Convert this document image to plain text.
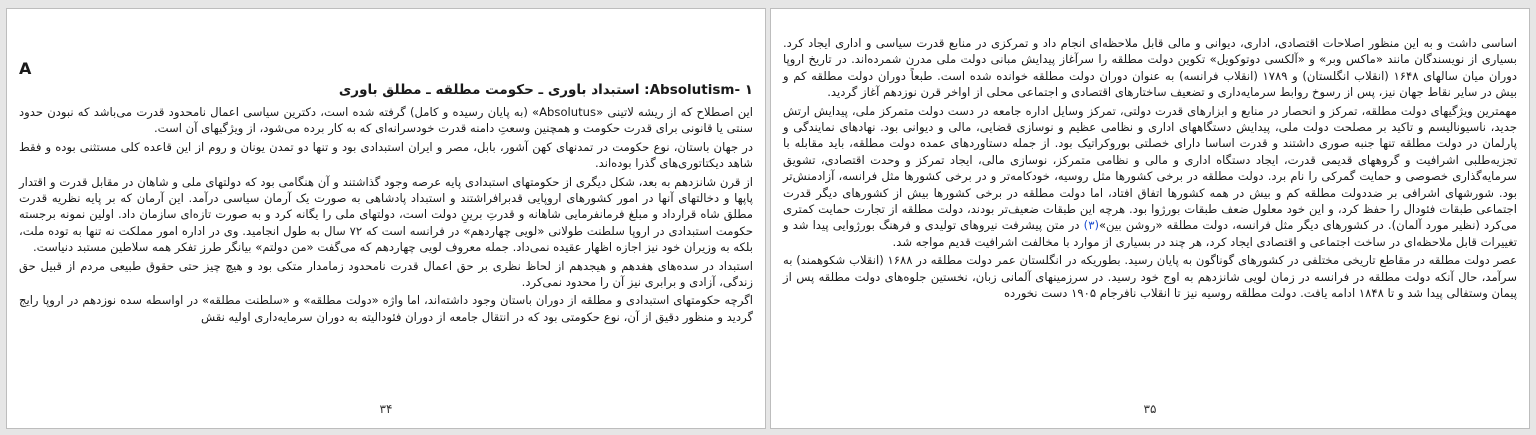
A
۱ -Absolutism: استبداد باوری ـ حکومت مطلقه ـ مطلق باوری

این اصطلاح که از ریشه لاتینی «Absolutus» (به پایان رسیده و کامل) گرفته شده است، دکترین سیاسی اعمال نامحدود قدرت می‌باشد که نبودن حدود سنتی یا قانونی برای قدرت حکومت و همچنین وسعتِ دامنه قدرت خودسرانه‌ای که به کار برده می‌شود، از ویژگیهای آن است.

در جهان باستان، نوع حکومت در تمدنهای کهن آشور، بابل، مصر و ایران استبدادی بود و تنها دو تمدن یونان و روم از این قاعده کلی مستثنی بوده و فقط شاهد دیکتاتوری‌های گذرا بوده‌اند.

از قرن شانزدهم به بعد، شکل دیگری از حکومتهای استبدادی پایه عرصه وجود گذاشتند و آن هنگامی بود که دولتهای ملی و شاهان در مقابل قدرت و اقتدار پاپها و دخالتهای آنها در امور کشورهای اروپایی قدبرافراشتند و استبداد پادشاهی به صورت یک آرمان سیاسی درآمد. این آرمان که بر پایه نظریه قدرت مطلق شاه قرارداد و مبلغ فرمانفرمایی شاهانه و قدرتِ برینِ دولت است، دولتهای ملی را یگانه کرد و به صورت تازه‌ای سازمان داد. اولین نمونه برجسته حکومت استبدادی در اروپا سلطنت طولانی «لویی چهاردهم» در فرانسه است که ۷۲ سال به طول انجامید. وی در اداره امور مملکت نه تنها به توده ملت، بلکه به وزیران خود نیز اجازه اظهار عقیده نمی‌داد. جمله معروف لویی چهاردهم که می‌گفت «من دولتم» بیانگر طرز تفکر همه سلاطین مستبد دنیاست.

استبداد در سده‌های هفدهم و هیجدهم از لحاظ نظری بر حق اعمال قدرت نامحدود زمامدار متکی بود و هیچ چیز حتی حقوق طبیعی مردم از قبیل حق زندگی، آزادی و برابری نیز آن را محدود نمی‌کرد.

اگرچه حکومتهای استبدادی و مطلقه از دوران باستان وجود داشته‌اند، اما واژه «دولت مطلقه» و «سلطنت مطلقه» در اواسطه سده نوزدهم در اروپا رایج گردید و منظور دقیق از آن، نوع حکومتی بود که در انتقال جامعه از دوران فئودالیته به دوران سرمایه‌داری اولیه نقش

۳۴

اساسی داشت و به این منظور اصلاحات اقتصادی، اداری، دیوانی و مالی قابل ملاحظه‌ای انجام داد و تمرکزی در منابع قدرت سیاسی و اداری ایجاد کرد. بسیاری از نویسندگان مانند «ماکس وبر» و «آلکسی دوتوکویل» تکوین دولت مطلقه را سرآغاز پیدایش مبانی دولت ملی مدرن شمرده‌اند. در تاریخ اروپا دوران میان سالهای ۱۶۴۸ (انقلاب انگلستان) و ۱۷۸۹ (انقلاب فرانسه) به عنوان دوران دولت مطلقه خوانده شده است. طبعاً دوران دولت مطلقه کم و بیش در سایر نقاط جهان نیز، پس از رسوخ روابط سرمایه‌داری و تضعیف ساختارهای اقتصادی و اجتماعی محلی از اواخر قرن نوزدهم آغاز گردید.

مهمترین ویژگیهای دولت مطلقه، تمرکز و انحصار در منابع و ابزارهای قدرت دولتی، تمرکز وسایل اداره جامعه در دست دولت متمرکز ملی، پیدایش ارتش جدید، ناسیونالیسم و تاکید بر مصلحت دولت ملی، پیدایش دستگاههای اداری و نظامی عظیم و نوسازی قضایی، مالی و دیوانی بود. نهادهای نمایندگی و پارلمان در دولت مطلقه تنها جنبه صوری داشتند و قدرت اساسا دارای خصلتی بوروکراتیک بود. از جمله دستاوردهای عمده دولت مطلقه، باید مقابله با تجزیه‌طلبی اشرافیت و گروههای قدیمی قدرت، ایجاد دستگاه اداری و مالی و نظامی متمرکز، نوسازی مالی، ایجاد تمرکز و وحدت اقتصادی، تشویق سرمایه‌گذاری خصوصی و حمایت گمرکی را نام برد. دولت مطلقه در برخی کشورها مثل روسیه، خودکامه‌تر و در برخی کشورها مثل فرانسه، آزادمنش‌تر بود. شورشهای اشرافی بر ضددولت مطلقه کم و بیش در همه کشورها اتفاق افتاد، اما دولت مطلقه در برخی کشورها بیش از کشورهای دیگر قدرت اجتماعی طبقات فئودال را حفظ کرد، و این خود معلول ضعف طبقات بورژوا بود. هرچه این طبقات ضعیف‌تر بودند، دولت مطلقه از تجارت حمایت کمتری می‌کرد (نظیر مورد آلمان). در کشورهای دیگر مثل فرانسه، دولت مطلقه «روشن بین»(۳) در متن پیشرفت نیروهای تولیدی و فرهنگ بورژوایی پیدا شد و تغییرات قابل ملاحظه‌ای در ساخت اجتماعی و اقتصادی ایجاد کرد، هر چند در بسیاری از موارد با مخالفت اشرافیت قدیم مواجه شد.

عصر دولت مطلقه در مقاطع تاریخی مختلفی در کشورهای گوناگون به پایان رسید. بطوریکه در انگلستان عمر دولت مطلقه در ۱۶۸۸ (انقلاب شکوهمند) به سرآمد، حال آنکه دولت مطلقه در فرانسه در زمان لویی شانزدهم به اوج خود رسید. در سرزمینهای آلمانی زبان، نخستین جلوه‌های دولت مطلقه پس از پیمان وستفالی پیدا شد و تا ۱۸۴۸ ادامه یافت. دولت مطلقه روسیه نیز تا انقلاب نافرجام ۱۹۰۵ دست نخورده

۳۵
